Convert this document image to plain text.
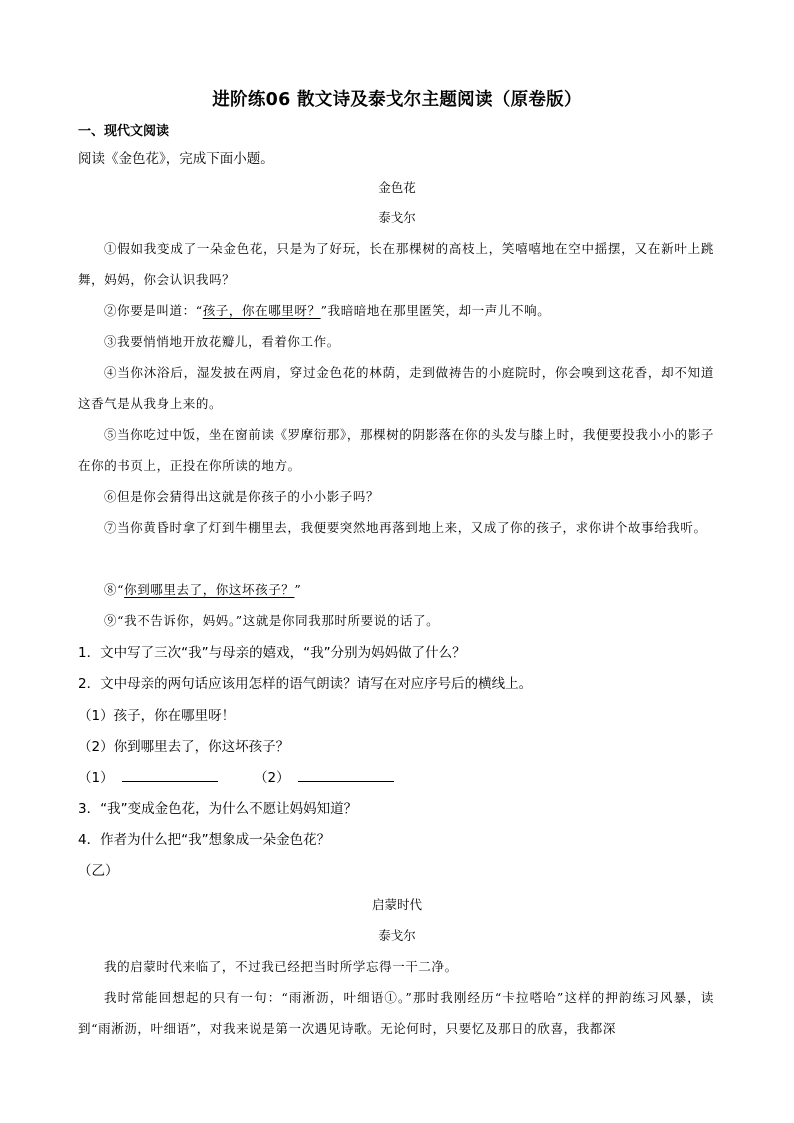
进阶练06 散文诗及泰戈尔主题阅读（原卷版）
一、现代文阅读
阅读《金色花》，完成下面小题。
金色花
泰戈尔
①假如我变成了一朵金色花，只是为了好玩，长在那棵树的高枝上，笑嘻嘻地在空中摇摆，又在新叶上跳舞，妈妈，你会认识我吗？
②你要是叫道：“孩子，你在哪里呀？”我暗暗地在那里匿笑，却一声儿不响。
③我要悄悄地开放花瓣儿，看着你工作。
④当你沐浴后，湿发披在两肩，穿过金色花的林荫，走到做祷告的小庭院时，你会嗅到这花香，却不知道这香气是从我身上来的。
⑤当你吃过中饭，坐在窗前读《罗摩衍那》，那棵树的阴影落在你的头发与膝上时，我便要投我小小的影子在你的书页上，正投在你所读的地方。
⑥但是你会猜得出这就是你孩子的小小影子吗？
⑦当你黄昏时拿了灯到牛棚里去，我便要突然地再落到地上来，又成了你的孩子，求你讲个故事给我听。
⑧“你到哪里去了，你这坏孩子？”
⑨“我不告诉你，妈妈。”这就是你同我那时所要说的话了。
1．文中写了三次“我”与母亲的嬉戏，“我”分别为妈妈做了什么？
2．文中母亲的两句话应该用怎样的语气朗读？请写在对应序号后的横线上。
（1）孩子，你在哪里呀！
（2）你到哪里去了，你这坏孩子？
（1）	（2）
3．“我”变成金色花，为什么不愿让妈妈知道？
4．作者为什么把“我”想象成一朵金色花？
（乙）
启蒙时代
泰戈尔
我的启蒙时代来临了，不过我已经把当时所学忘得一干二净。
我时常能回想起的只有一句：“雨淅沥，叶细语①。”那时我刚经历“卡拉嗒哈”这样的押韵练习风暴，读到“雨淅沥，叶细语”，对我来说是第一次遇见诗歌。无论何时，只要忆及那日的欣喜，我都深
